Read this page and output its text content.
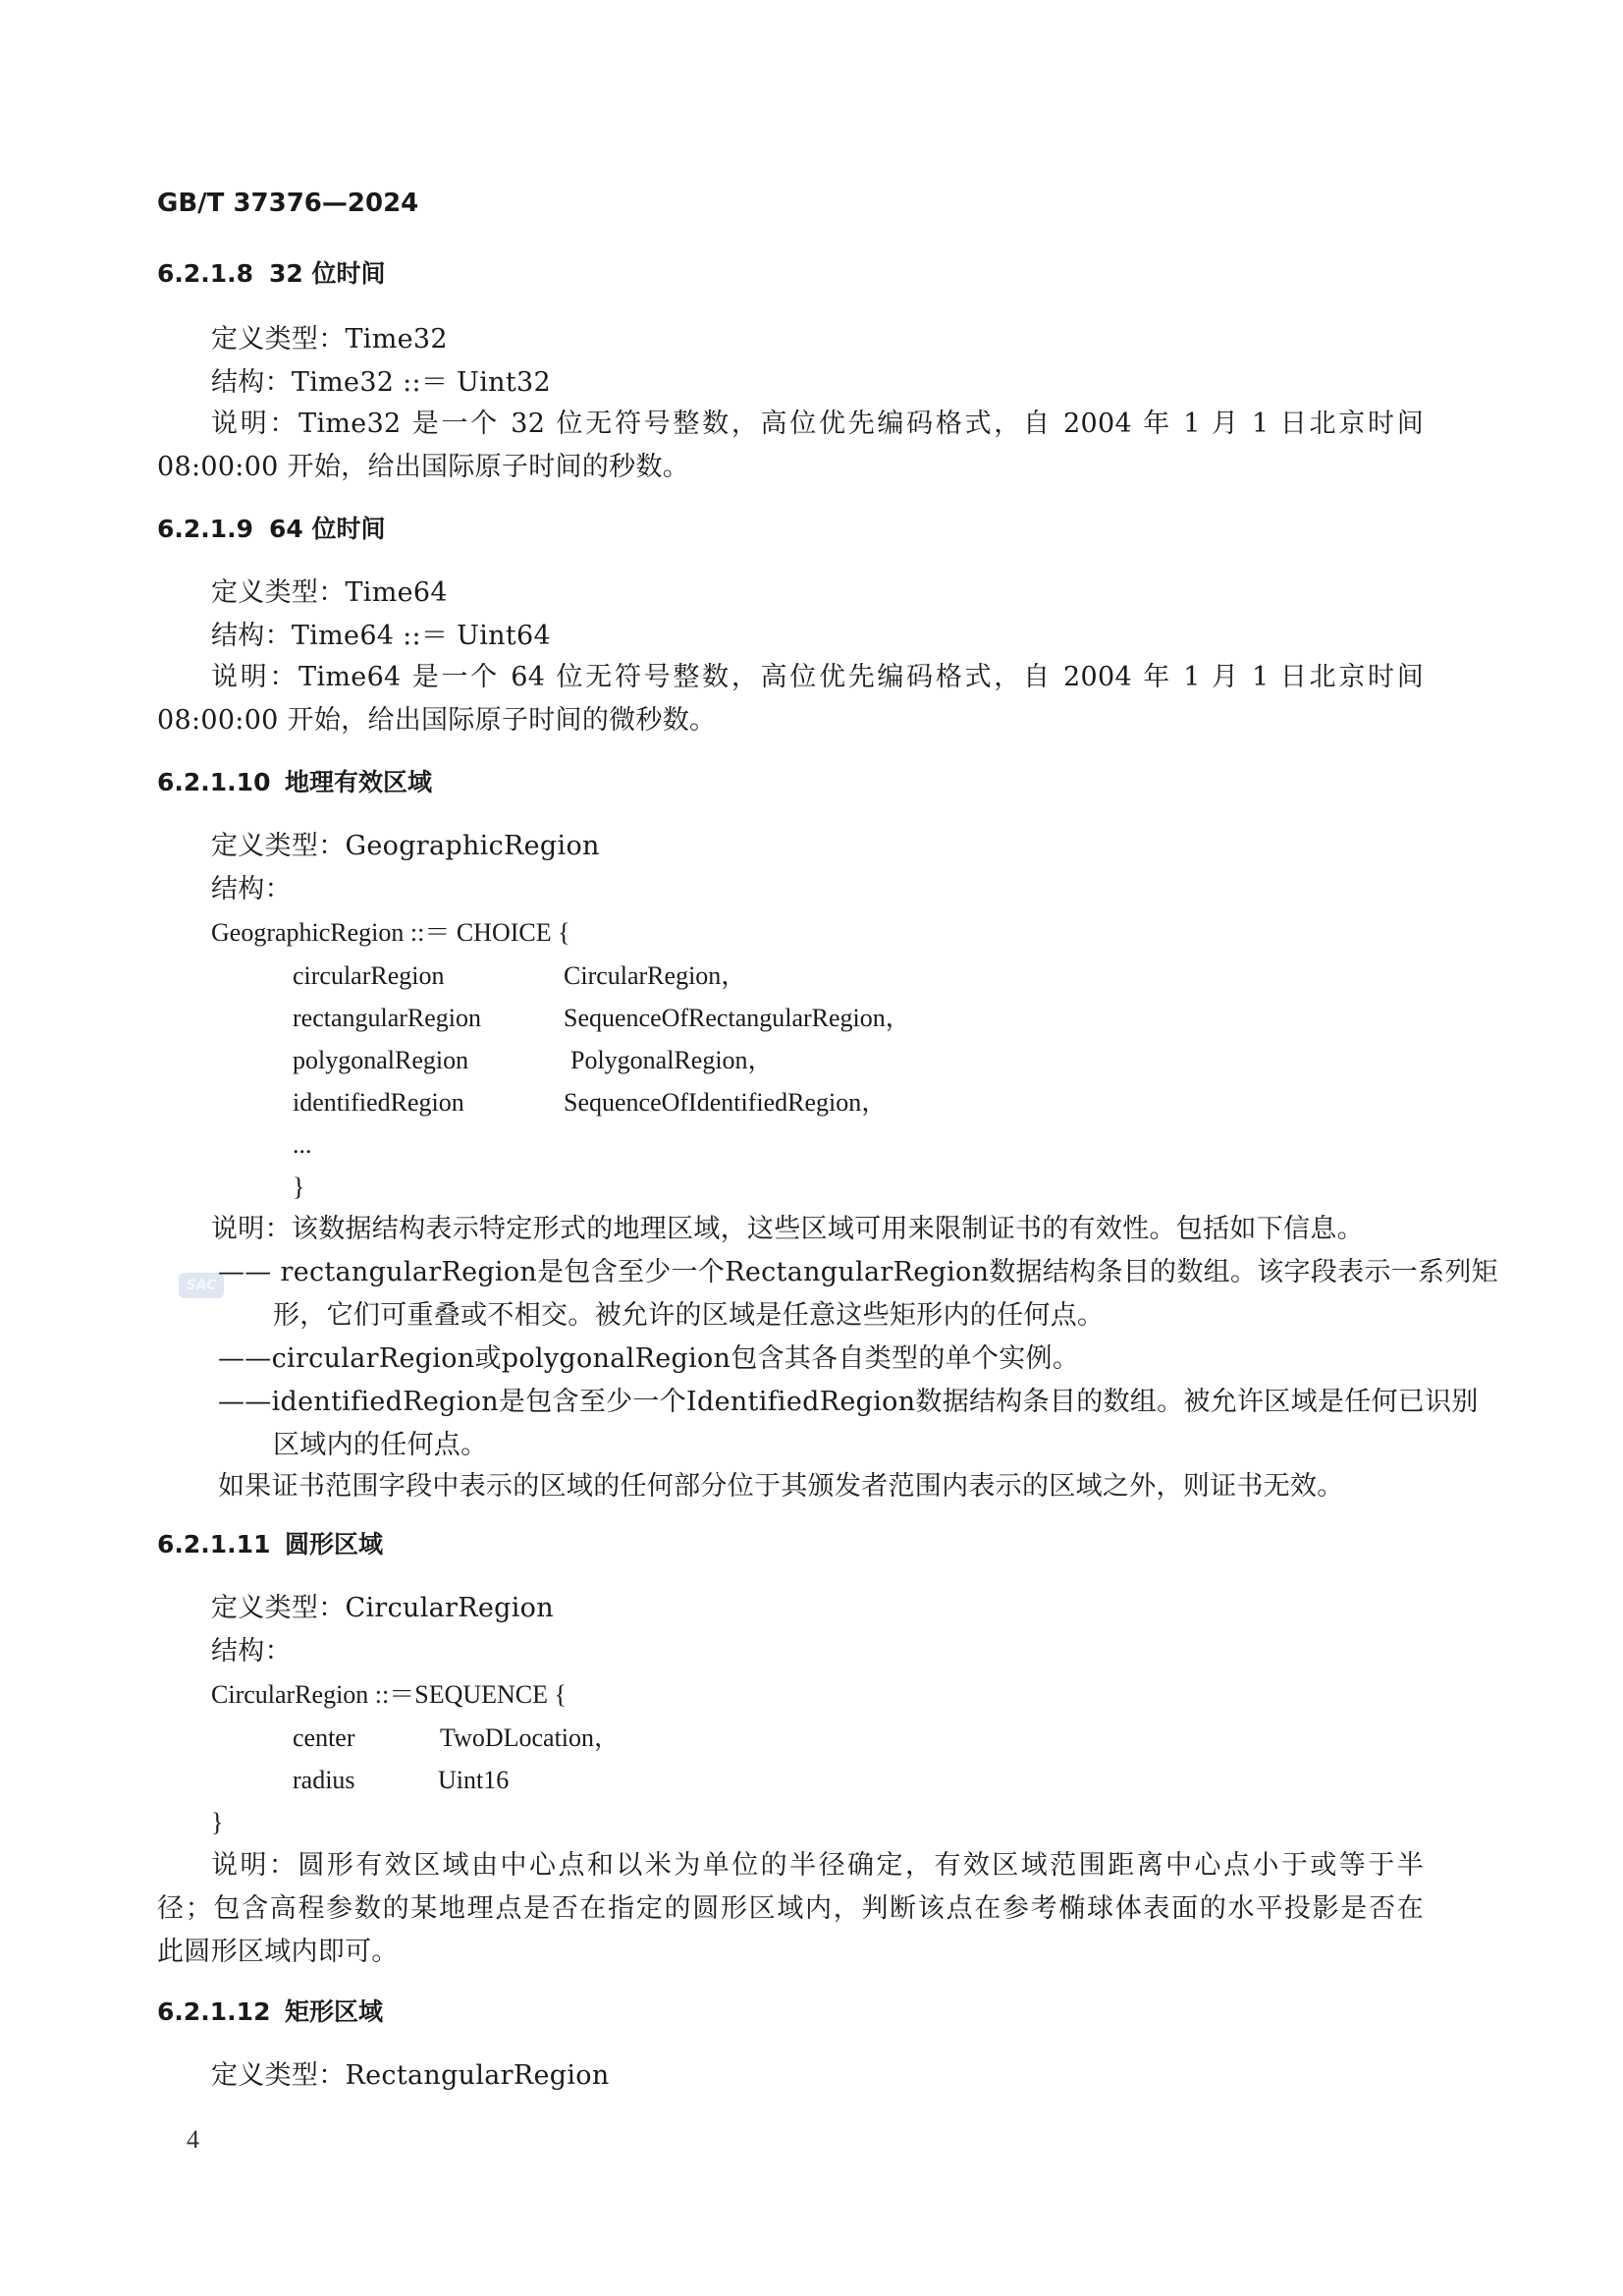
GB/T 37376—2024
6.2.1.8 32 位时间
定义类型：Time32
结构：Time32 ::＝ Uint32
说明：Time32 是一个 32 位无符号整数，高位优先编码格式，自 2004 年 1 月 1 日北京时间
08:00:00 开始，给出国际原子时间的秒数。
6.2.1.9 64 位时间
定义类型：Time64
结构：Time64 ::＝ Uint64
说明：Time64 是一个 64 位无符号整数，高位优先编码格式，自 2004 年 1 月 1 日北京时间
08:00:00 开始，给出国际原子时间的微秒数。
6.2.1.10 地理有效区域
定义类型：GeographicRegion
结构：
GeographicRegion ::＝ CHOICE {
circularRegion	CircularRegion，
rectangularRegion	SequenceOfRectangularRegion，
polygonalRegion	PolygonalRegion，
identifiedRegion	SequenceOfIdentifiedRegion，
...
}
说明：该数据结构表示特定形式的地理区域，这些区域可用来限制证书的有效性。包括如下信息。
SAC —— rectangularRegion是包含至少一个RectangularRegion数据结构条目的数组。该字段表示一系列矩
形，它们可重叠或不相交。被允许的区域是任意这些矩形内的任何点。
——circularRegion或polygonalRegion包含其各自类型的单个实例。
——identifiedRegion是包含至少一个IdentifiedRegion数据结构条目的数组。被允许区域是任何已识别
区域内的任何点。
如果证书范围字段中表示的区域的任何部分位于其颁发者范围内表示的区域之外，则证书无效。
6.2.1.11 圆形区域
定义类型：CircularRegion
结构：
CircularRegion ::＝SEQUENCE {
center	TwoDLocation，
radius	Uint16
}
说明：圆形有效区域由中心点和以米为单位的半径确定，有效区域范围距离中心点小于或等于半
径；包含高程参数的某地理点是否在指定的圆形区域内，判断该点在参考椭球体表面的水平投影是否在
此圆形区域内即可。
6.2.1.12 矩形区域
定义类型：RectangularRegion
4
